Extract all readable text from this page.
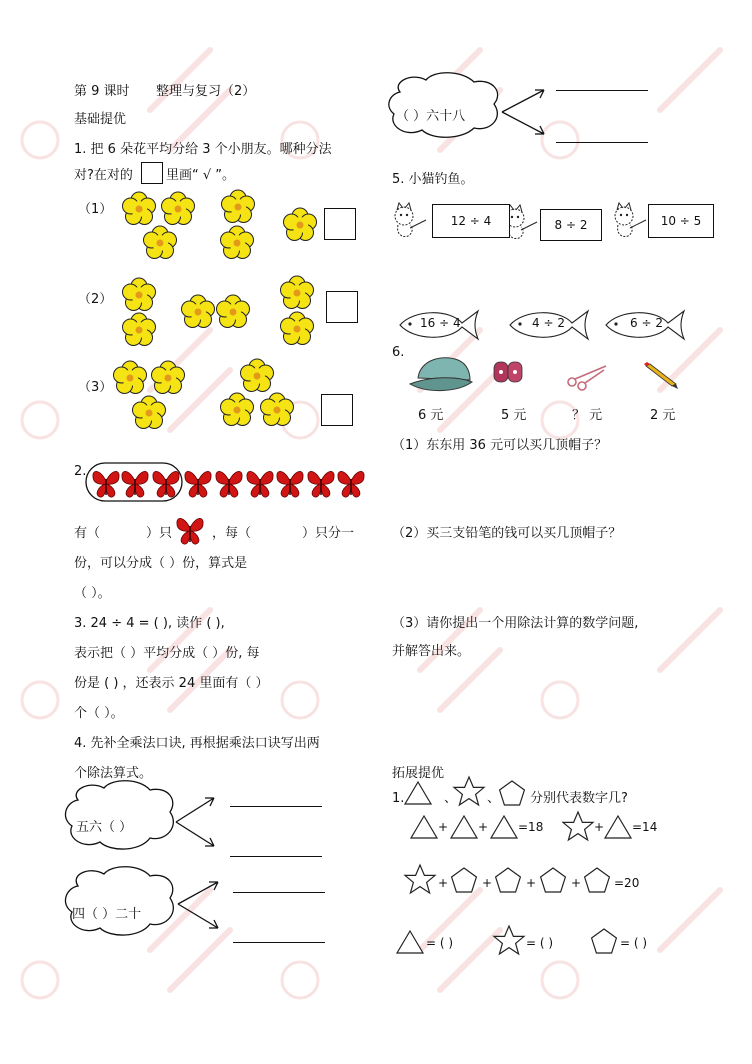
第 9 课时 整理与复习（2）
基础提优
1. 把 6 朵花平均分给 3 个小朋友。哪种分法
对?在对的	里画“ √ ”。
（1）
（2）
（3）
2.
有（	）只	，每（	）只分一
份，可以分成（ ）份，算式是
（ ）。
3. 24 ÷ 4 = ( ), 读作 ( ),
表示把（ ）平均分成（ ）份, 每
份是 ( ) ，还表示 24 里面有（ ）
个（ ）。
4. 先补全乘法口诀, 再根据乘法口诀写出两
个除法算式。
五六（ ）
四（ ）二十
（ ）六十八
5. 小猫钓鱼。
12 ÷ 4	8 ÷ 2	10 ÷ 5
16 ÷ 4	4 ÷ 2	6 ÷ 2
6.
6 元	5 元	？ 元	2 元
（1）东东用 36 元可以买几顶帽子？
（2）买三支铅笔的钱可以买几顶帽子？
（3）请你提出一个用除法计算的数学问题,
并解答出来。
拓展提优
1.	、 、 分别代表数字几?
+ + =18	+ =14
+	+	+	+	=20
= ( )	= ( )	= ( )
